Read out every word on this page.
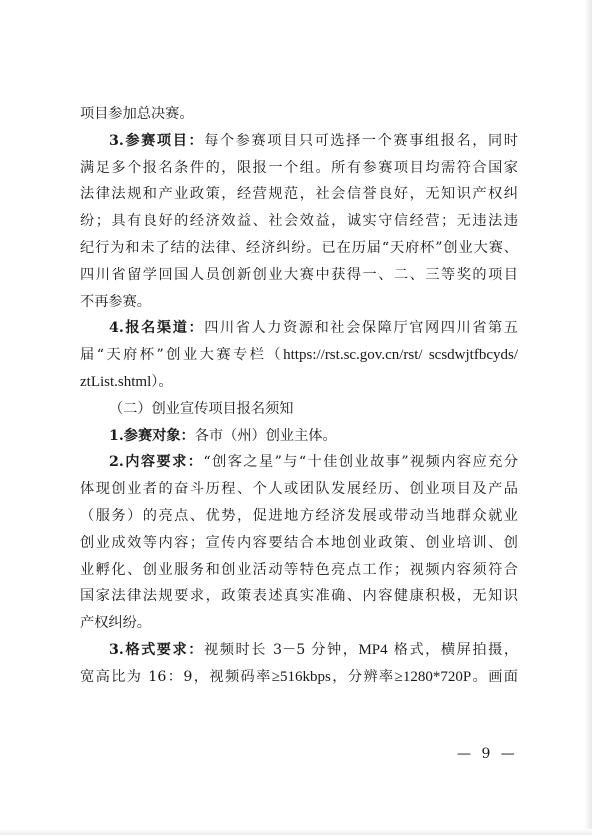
项目参加总决赛。
3.参赛项目：每个参赛项目只可选择一个赛事组报名，同时
满足多个报名条件的，限报一个组。所有参赛项目均需符合国家
法律法规和产业政策，经营规范，社会信誉良好，无知识产权纠
纷；具有良好的经济效益、社会效益，诚实守信经营；无违法违
纪行为和未了结的法律、经济纠纷。已在历届“天府杯”创业大赛、
四川省留学回国人员创新创业大赛中获得一、二、三等奖的项目
不再参赛。
4.报名渠道：四川省人力资源和社会保障厅官网四川省第五
届“天府杯”创业大赛专栏（https://rst.sc.gov.cn/rst/ scsdwjtfbcyds/
ztList.shtml）。
（二）创业宣传项目报名须知
1.参赛对象：各市（州）创业主体。
2.内容要求：“创客之星”与“十佳创业故事”视频内容应充分
体现创业者的奋斗历程、个人或团队发展经历、创业项目及产品
（服务）的亮点、优势，促进地方经济发展或带动当地群众就业
创业成效等内容；宣传内容要结合本地创业政策、创业培训、创
业孵化、创业服务和创业活动等特色亮点工作；视频内容须符合
国家法律法规要求，政策表述真实准确、内容健康积极，无知识
产权纠纷。
3.格式要求：视频时长 3－5 分钟，MP4 格式，横屏拍摄，
宽高比为 16：9，视频码率≥516kbps，分辨率≥1280*720P。画面
— 9 —
